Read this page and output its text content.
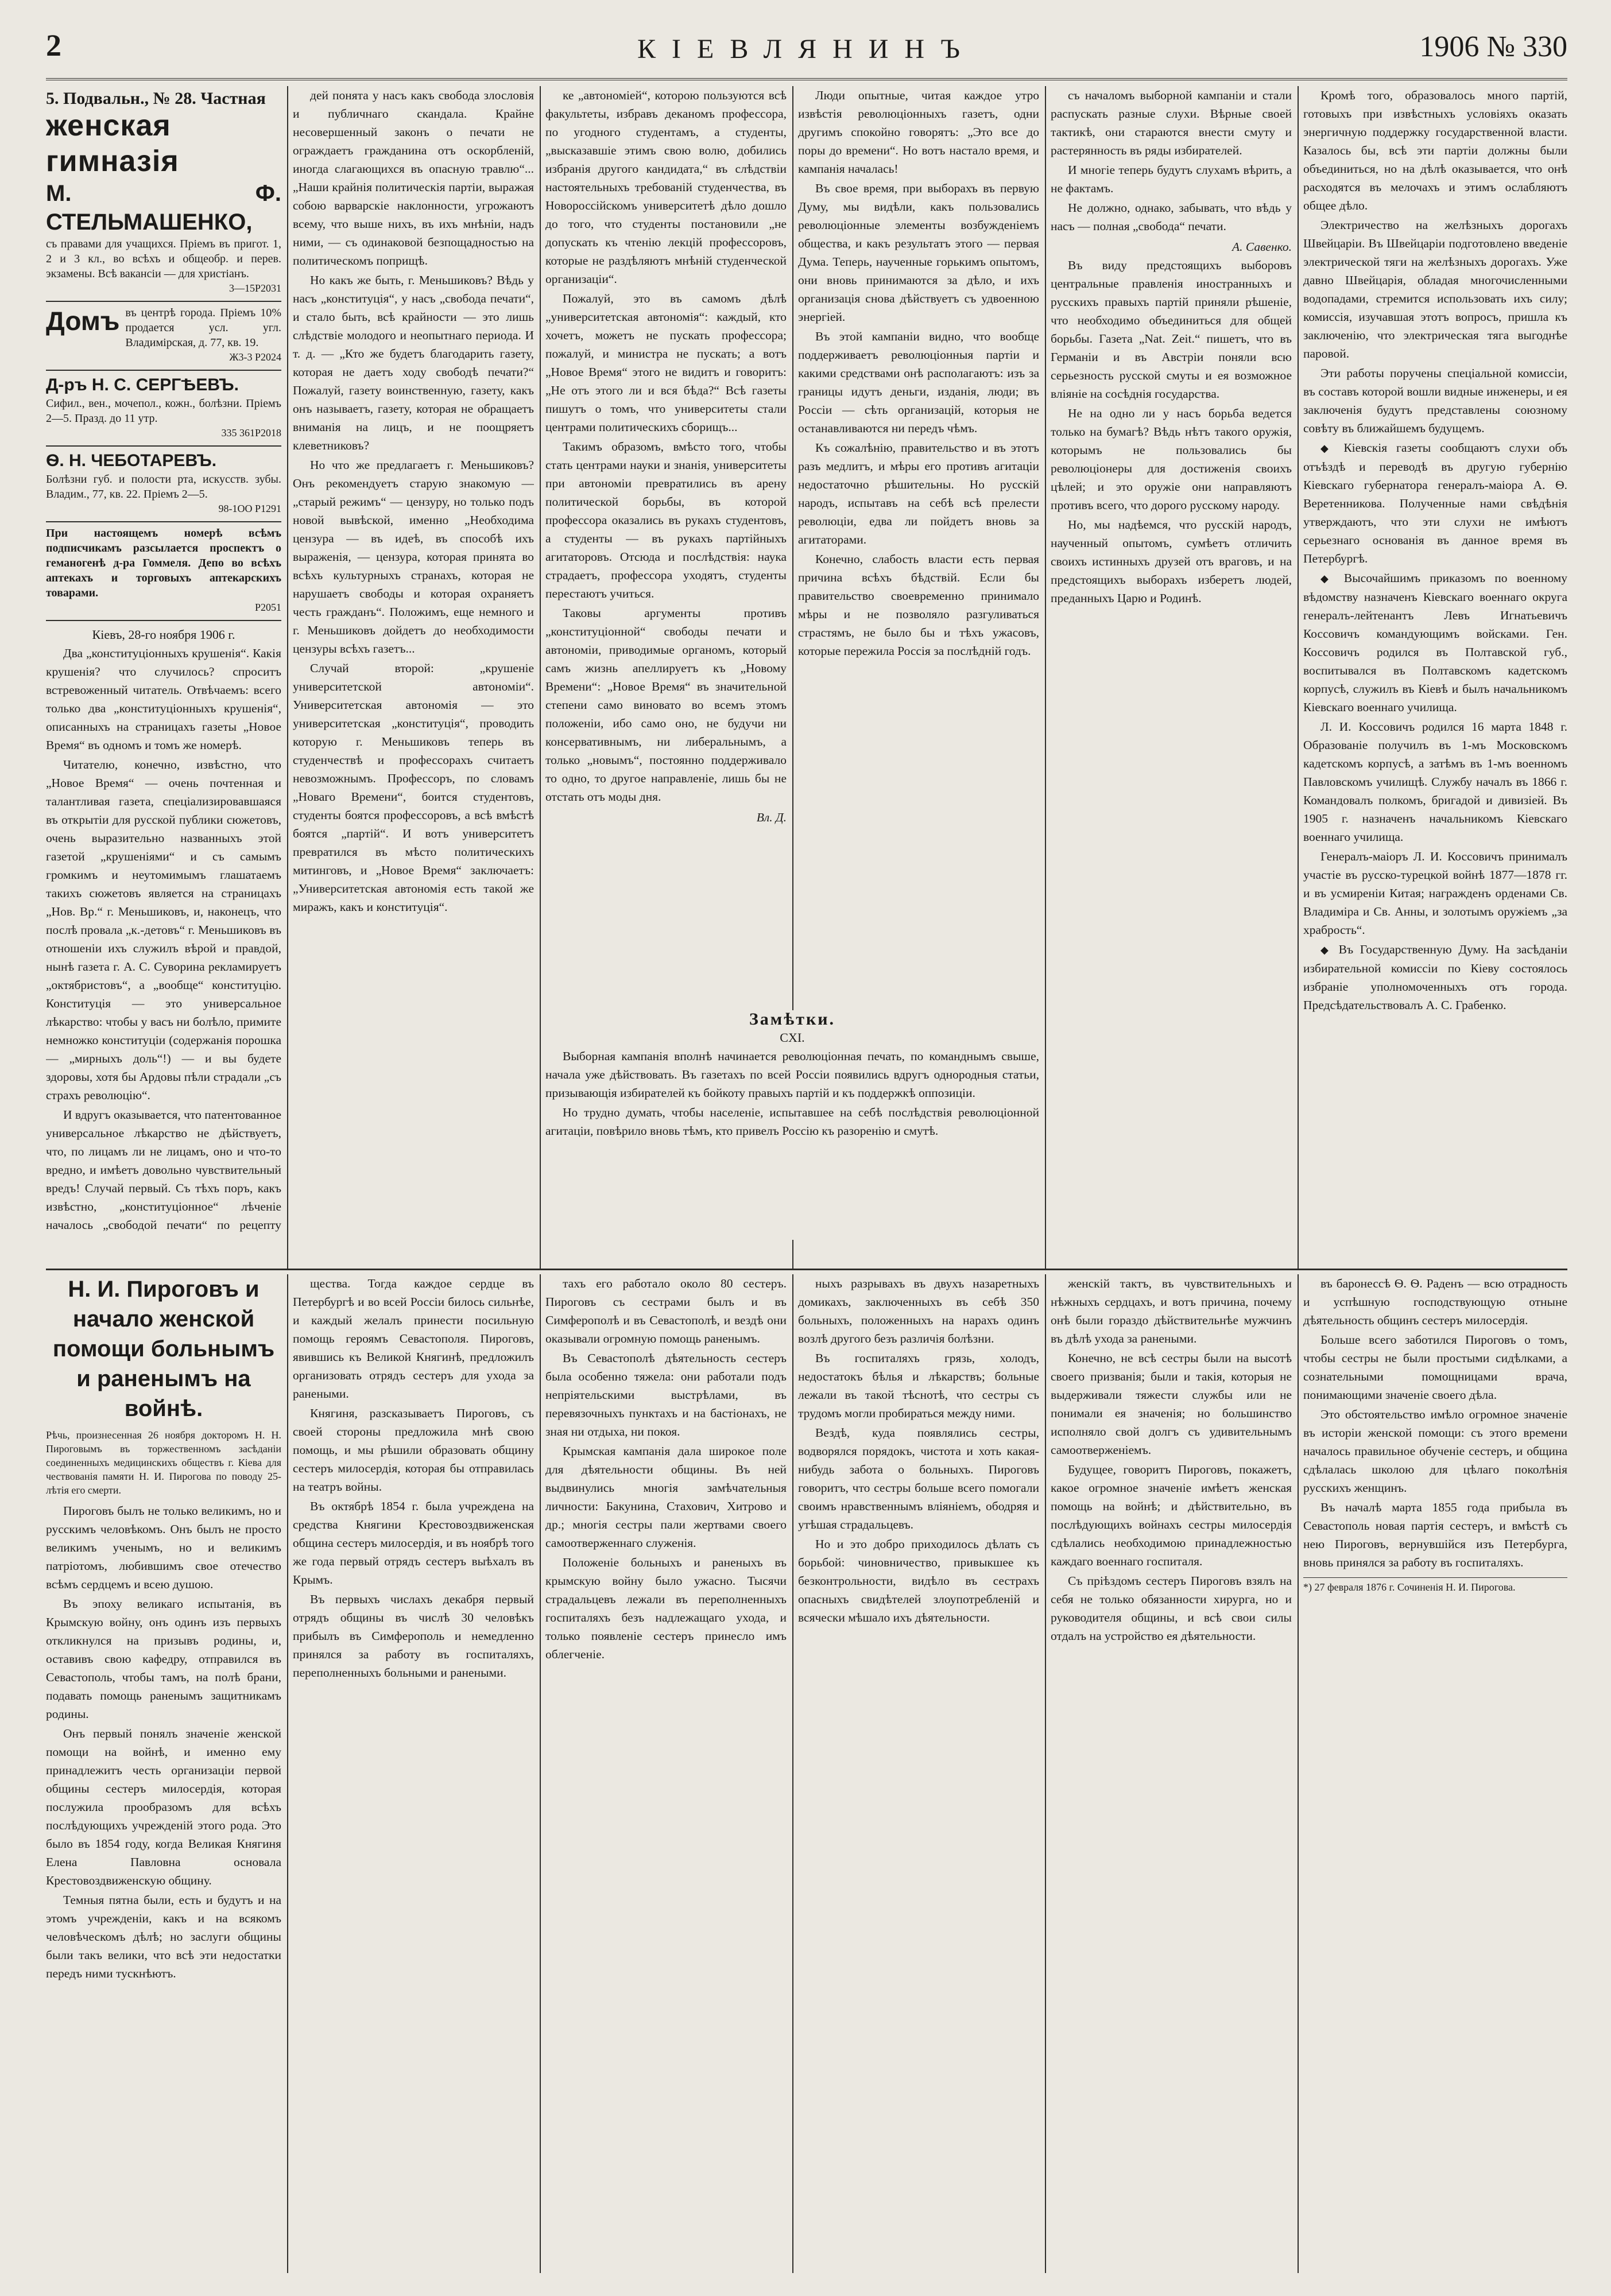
2	КІЕВЛЯНИНЪ	1906 № 330
5. Подвальн., № 28. Частная
женская гимназія
М. Ф. СТЕЛЬМАШЕНКО,
съ правами для учащихся. Пріемъ въ пригот. 1, 2 и 3 кл., во всѣхъ и общеобр. и перев. экзамены. Всѣ вакансіи — для христіанъ.
3—15Р2031
Домъ въ центрѣ города. Пріемъ 10% продается усл. угл. Владимірская, д. 77, кв. 19.
Ж3-3 Р2024
Д-ръ Н. С. СЕРГѢЕВЪ.
Сифил., вен., мочепол., кожн., болѣзни. Пріемъ 2—5. Празд. до 11 утр.
335 361Р2018
Ѳ. Н. ЧЕБОТАРЕВЪ.
Болѣзни губ. и полости рта, искусств. зубы. Владим., 77, кв. 22. Пріемъ 2—5.
98-1ОО Р1291
При настоящемъ номерѣ всѣмъ подписчикамъ разсылается проспектъ о геманогенѣ д-ра Гоммеля. Депо во всѣхъ аптекахъ и торговыхъ аптекарскихъ товарами.
Р2051
Кіевъ, 28-го ноября 1906 г.

Два „конституціонныхъ крушенія“. Какія крушенія? что случилось? спроситъ встревоженный читатель. Отвѣчаемъ: всего только два „конституціонныхъ крушенія“, описанныхъ на страницахъ газеты „Новое Время“ въ одномъ и томъ же номерѣ.

Читателю, конечно, извѣстно, что „Новое Время“ — очень почтенная и талантливая газета, спеціализировавшаяся въ открытіи для русской публики сюжетовъ, очень выразительно названныхъ этой газетой „крушеніями“ и съ самымъ громкимъ и неутомимымъ глашатаемъ такихъ сюжетовъ является на страницахъ „Нов. Вр.“ г. Меньшиковъ, и, наконецъ, что послѣ провала „к.-детовъ“ г. Меньшиковъ въ отношеніи ихъ служилъ вѣрой и правдой, нынѣ газета г. А. С. Суворина рекламируетъ „октябристовъ“, а „вообще“ конституцію. Конституція — это универсальное лѣкарство: чтобы у васъ ни болѣло, примите немножко конституціи (содержанія порошка — „мирныхъ доль“!) — и вы будете здоровы, хотя бы Ардовы пѣли страдали „съ страхъ революцію“.

И вдругъ оказывается, что патентованное универсальное лѣкарство не дѣйствуетъ, что, по лицамъ ли не лицамъ, оно и что-то вредно, и имѣетъ довольно чувствительный вредъ! Случай первый. Съ тѣхъ поръ, какъ извѣстно, „конституціонное“ лѣченіе началось „свободой печати“ по рецепту

дей понята у насъ какъ свобода злословія и публичнаго скандала. Крайне несовершенный законъ о печати не ограждаетъ гражданина отъ оскорбленій, иногда слагающихся въ опасную травлю“... „Наши крайнія политическія партіи, выражая собою варварскіе наклонности, угрожаютъ всему, что выше нихъ, въ ихъ мнѣніи, надъ ними, — съ одинаковой безпощадностью на политическомъ поприщѣ.

Но какъ же быть, г. Меньшиковъ? Вѣдь у насъ „конституція“, у насъ „свобода печати“, и стало быть, всѣ крайности — это лишь слѣдствіе молодого и неопытнаго периода. И т. д. — „Кто же будетъ благодарить газету, которая не даетъ ходу свободѣ печати?“ Пожалуй, газету воинственную, газету, какъ онъ называетъ, газету, которая не обращаетъ вниманія на лицъ, и не поощряетъ клеветниковъ?

Но что же предлагаетъ г. Меньшиковъ? Онъ рекомендуетъ старую знакомую — „старый режимъ“ — цензуру, но только подъ новой вывѣской, именно „Необходима цензура — въ идеѣ, въ способѣ ихъ выраженія, — цензура, которая принята во всѣхъ культурныхъ странахъ, которая не нарушаетъ свободы и которая охраняетъ честь гражданъ“. Положимъ, еще немного и г. Меньшиковъ дойдетъ до необходимости цензуры всѣхъ газетъ...

Случай второй: „крушеніе университетской автономіи“. Университетская автономія — это университетская „конституція“, проводить которую г. Меньшиковъ теперь въ студенчествѣ и профессорахъ считаетъ невозможнымъ. Профессоръ, по словамъ „Новаго Времени“, боится студентовъ, студенты боятся профессоровъ, а всѣ вмѣстѣ боятся „партій“. И вотъ университетъ превратился въ мѣсто политическихъ митинговъ, и „Новое Время“ заключаетъ: „Университетская автономія есть такой же миражъ, какъ и конституція“.

ке „автономіей“, которою пользуются всѣ факультеты, избравъ деканомъ профессора, по угодного студентамъ, а студенты, „высказавшіе этимъ свою волю, добились избранія другого кандидата,“ въ слѣдствіи настоятельныхъ требованій студенчества, въ Новороссійскомъ университетѣ дѣло дошло до того, что студенты постановили „не допускать къ чтенію лекцій профессоровъ, которые не раздѣляютъ мнѣній студенческой организаціи“.

Пожалуй, это въ самомъ дѣлѣ „университетская автономія“: каждый, кто хочетъ, можетъ не пускать профессора; пожалуй, и министра не пускать; а вотъ „Новое Время“ этого не видитъ и говоритъ: „Не отъ этого ли и вся бѣда?“ Всѣ газеты пишутъ о томъ, что университеты стали центрами политическихъ сборищъ...

Такимъ образомъ, вмѣсто того, чтобы стать центрами науки и знанія, университеты при автономіи превратились въ арену политической борьбы, въ которой профессора оказались въ рукахъ студентовъ, а студенты — въ рукахъ партійныхъ агитаторовъ. Отсюда и послѣдствія: наука страдаетъ, профессора уходятъ, студенты перестаютъ учиться.

Таковы аргументы противъ „конституціонной“ свободы печати и автономіи, приводимые органомъ, который самъ жизнь апеллируетъ къ „Новому Времени“: „Новое Время“ въ значительной степени само виновато во всемъ этомъ положеніи, ибо само оно, не будучи ни консервативнымъ, ни либеральнымъ, а только „новымъ“, постоянно поддерживало то одно, то другое направленіе, лишь бы не отстать отъ моды дня.

Вл. Д.

Люди опытные, читая каждое утро извѣстія революціонныхъ газетъ, одни другимъ спокойно говорятъ: „Это все до поры до времени“. Но вотъ настало время, и кампанія началась!

Въ свое время, при выборахъ въ первую Думу, мы видѣли, какъ пользовались революціонные элементы возбужденіемъ общества, и какъ результатъ этого — первая Дума. Теперь, наученные горькимъ опытомъ, они вновь принимаются за дѣло, и ихъ организація снова дѣйствуетъ съ удвоенною энергіей.

Въ этой кампаніи видно, что вообще поддерживаетъ революціонныя партіи и какими средствами онѣ располагаютъ: изъ за границы идутъ деньги, изданія, люди; въ Россіи — сѣть организацій, которыя не останавливаются ни передъ чѣмъ.

Къ сожалѣнію, правительство и въ этотъ разъ медлитъ, и мѣры его противъ агитаціи недостаточно рѣшительны. Но русскій народъ, испытавъ на себѣ всѣ прелести революціи, едва ли пойдетъ вновь за агитаторами.

Конечно, слабость власти есть первая причина всѣхъ бѣдствій. Если бы правительство своевременно принимало мѣры и не позволяло разгуливаться страстямъ, не было бы и тѣхъ ужасовъ, которые пережила Россія за послѣдній годъ.

съ началомъ выборной кампаніи и стали распускать разные слухи. Вѣрные своей тактикѣ, они стараются внести смуту и растерянность въ ряды избирателей.

И многіе теперь будутъ слухамъ вѣрить, а не фактамъ.

Не должно, однако, забывать, что вѣдь у насъ — полная „свобода“ печати.

А. Савенко.

Въ виду предстоящихъ выборовъ центральные правленія иностранныхъ и русскихъ правыхъ партій приняли рѣшеніе, что необходимо объединиться для общей борьбы. Газета „Nat. Zeit.“ пишетъ, что въ Германіи и въ Австріи поняли всю серьезность русской смуты и ея возможное вліяніе на сосѣднія государства.

Не на одно ли у насъ борьба ведется только на бумагѣ? Вѣдь нѣтъ такого оружія, которымъ не пользовались бы революціонеры для достиженія своихъ цѣлей; и это оружіе они направляютъ противъ всего, что дорого русскому народу.

Но, мы надѣемся, что русскій народъ, наученный опытомъ, сумѣетъ отличить своихъ истинныхъ друзей отъ враговъ, и на предстоящихъ выборахъ изберетъ людей, преданныхъ Царю и Родинѣ.

Кромѣ того, образовалось много партій, готовыхъ при извѣстныхъ условіяхъ оказать энергичную поддержку государственной власти. Казалось бы, всѣ эти партіи должны были объединиться, но на дѣлѣ оказывается, что онѣ расходятся въ мелочахъ и этимъ ослабляютъ общее дѣло.

Электричество на желѣзныхъ дорогахъ Швейцаріи. Въ Швейцаріи подготовлено введеніе электрической тяги на желѣзныхъ дорогахъ. Уже давно Швейцарія, обладая многочисленными водопадами, стремится использовать ихъ силу; комиссія, изучавшая этотъ вопросъ, пришла къ заключенію, что электрическая тяга выгоднѣе паровой.

Эти работы поручены спеціальной комиссіи, въ составъ которой вошли видные инженеры, и ея заключенія будутъ представлены союзному совѣту въ ближайшемъ будущемъ.

◆ Кіевскія газеты сообщаютъ слухи объ отъѣздѣ и переводѣ въ другую губернію Кіевскаго губернатора генералъ-маіора А. Ѳ. Веретенникова. Полученные нами свѣдѣнія утверждаютъ, что эти слухи не имѣютъ серьезнаго основанія въ данное время въ Петербургѣ.

◆ Высочайшимъ приказомъ по военному вѣдомству назначенъ Кіевскаго военнаго округа генералъ-лейтенантъ Левъ Игнатьевичъ Коссовичъ командующимъ войсками. Ген. Коссовичъ родился въ Полтавской губ., воспитывался въ Полтавскомъ кадетскомъ корпусѣ, служилъ въ Кіевѣ и былъ начальникомъ Кіевскаго военнаго училища.

Л. И. Коссовичъ родился 16 марта 1848 г. Образованіе получилъ въ 1-мъ Московскомъ кадетскомъ корпусѣ, а затѣмъ въ 1-мъ военномъ Павловскомъ училищѣ. Службу началъ въ 1866 г. Командовалъ полкомъ, бригадой и дивизіей. Въ 1905 г. назначенъ начальникомъ Кіевскаго военнаго училища.

Генералъ-маіоръ Л. И. Коссовичъ принималъ участіе въ русско-турецкой войнѣ 1877—1878 гг. и въ усмиреніи Китая; награжденъ орденами Св. Владиміра и Св. Анны, и золотымъ оружіемъ „за храбрость“.

◆ Въ Государственную Думу. На засѣданіи избирательной комиссіи по Кіеву состоялось избраніе уполномоченныхъ отъ города. Предсѣдательствовалъ А. С. Грабенко.

Замѣтки.
CXI.

Выборная кампанія вполнѣ начинается революціонная печать, по команднымъ свыше, начала уже дѣйствовать. Въ газетахъ по всей Россіи появились вдругъ однородныя статьи, призывающія избирателей къ бойкоту правыхъ партій и къ поддержкѣ оппозиціи.

Но трудно думать, чтобы населеніе, испытавшее на себѣ послѣдствія революціонной агитаціи, повѣрило вновь тѣмъ, кто привелъ Россію къ разоренію и смутѣ.

Н. И. Пироговъ и начало женской помощи больнымъ и раненымъ на войнѣ.
Рѣчь, произнесенная 26 ноября докторомъ Н. Н. Пироговымъ въ торжественномъ засѣданіи соединенныхъ медицинскихъ обществъ г. Кіева для чествованія памяти Н. И. Пирогова по поводу 25-лѣтія его смерти.

Пироговъ былъ не только великимъ, но и русскимъ человѣкомъ. Онъ былъ не просто великимъ ученымъ, но и великимъ патріотомъ, любившимъ свое отечество всѣмъ сердцемъ и всею душою.

Въ эпоху великаго испытанія, въ Крымскую войну, онъ одинъ изъ первыхъ откликнулся на призывъ родины, и, оставивъ свою кафедру, отправился въ Севастополь, чтобы тамъ, на полѣ брани, подавать помощь раненымъ защитникамъ родины.

Онъ первый понялъ значеніе женской помощи на войнѣ, и именно ему принадлежитъ честь организаціи первой общины сестеръ милосердія, которая послужила прообразомъ для всѣхъ послѣдующихъ учрежденій этого рода. Это было въ 1854 году, когда Великая Княгиня Елена Павловна основала Крестовоздвиженскую общину.

Темныя пятна были, есть и будутъ и на этомъ учрежденіи, какъ и на всякомъ человѣческомъ дѣлѣ; но заслуги общины были такъ велики, что всѣ эти недостатки передъ ними тускнѣютъ.

щества. Тогда каждое сердце въ Петербургѣ и во всей Россіи билось сильнѣе, и каждый желалъ принести посильную помощь героямъ Севастополя. Пироговъ, явившись къ Великой Княгинѣ, предложилъ организовать отрядъ сестеръ для ухода за ранеными.

Княгиня, разсказываетъ Пироговъ, съ своей стороны предложила мнѣ свою помощь, и мы рѣшили образовать общину сестеръ милосердія, которая бы отправилась на театръ войны.

Въ октябрѣ 1854 г. была учреждена на средства Княгини Крестовоздвиженская община сестеръ милосердія, и въ ноябрѣ того же года первый отрядъ сестеръ выѣхалъ въ Крымъ.

Въ первыхъ числахъ декабря первый отрядъ общины въ числѣ 30 человѣкъ прибылъ въ Симферополь и немедленно принялся за работу въ госпиталяхъ, переполненныхъ больными и ранеными.

тахъ его работало около 80 сестеръ. Пироговъ съ сестрами былъ и въ Симферополѣ и въ Севастополѣ, и вездѣ они оказывали огромную помощь раненымъ.

Въ Севастополѣ дѣятельность сестеръ была особенно тяжела: они работали подъ непріятельскими выстрѣлами, въ перевязочныхъ пунктахъ и на бастіонахъ, не зная ни отдыха, ни покоя.

Крымская кампанія дала широкое поле для дѣятельности общины. Въ ней выдвинулись многія замѣчательныя личности: Бакунина, Стахович, Хитрово и др.; многія сестры пали жертвами своего самоотверженнаго служенія.

Положеніе больныхъ и раненыхъ въ крымскую войну было ужасно. Тысячи страдальцевъ лежали въ переполненныхъ госпиталяхъ безъ надлежащаго ухода, и только появленіе сестеръ принесло имъ облегченіе.

ныхъ разрывахъ въ двухъ назаретныхъ домикахъ, заключенныхъ въ себѣ 350 больныхъ, положенныхъ на нарахъ одинъ возлѣ другого безъ различія болѣзни.

Въ госпиталяхъ грязь, холодъ, недостатокъ бѣлья и лѣкарствъ; больные лежали въ такой тѣснотѣ, что сестры съ трудомъ могли пробираться между ними.

Вездѣ, куда появлялись сестры, водворялся порядокъ, чистота и хоть какая-нибудь забота о больныхъ. Пироговъ говоритъ, что сестры больше всего помогали своимъ нравственнымъ вліяніемъ, ободряя и утѣшая страдальцевъ.

Но и это добро приходилось дѣлать съ борьбой: чиновничество, привыкшее къ безконтрольности, видѣло въ сестрахъ опасныхъ свидѣтелей злоупотребленій и всячески мѣшало ихъ дѣятельности.

женскій тактъ, въ чувствительныхъ и нѣжныхъ сердцахъ, и вотъ причина, почему онѣ были гораздо дѣйствительнѣе мужчинъ въ дѣлѣ ухода за ранеными.

Конечно, не всѣ сестры были на высотѣ своего призванія; были и такія, которыя не выдерживали тяжести службы или не понимали ея значенія; но большинство исполняло свой долгъ съ удивительнымъ самоотверженіемъ.

Будущее, говоритъ Пироговъ, покажетъ, какое огромное значеніе имѣетъ женская помощь на войнѣ; и дѣйствительно, въ послѣдующихъ войнахъ сестры милосердія сдѣлались необходимою принадлежностью каждаго военнаго госпиталя.

Съ пріѣздомъ сестеръ Пироговъ взялъ на себя не только обязанности хирурга, но и руководителя общины, и всѣ свои силы отдалъ на устройство ея дѣятельности.

въ баронессѣ Ѳ. Ѳ. Раденъ — всю отрадность и успѣшную господствующую отныне дѣятельность общинъ сестеръ милосердія.

Больше всего заботился Пироговъ о томъ, чтобы сестры не были простыми сидѣлками, а сознательными помощницами врача, понимающими значеніе своего дѣла.

Это обстоятельство имѣло огромное значеніе въ исторіи женской помощи: съ этого времени началось правильное обученіе сестеръ, и община сдѣлалась школою для цѣлаго поколѣнія русскихъ женщинъ.

Въ началѣ марта 1855 года прибыла въ Севастополь новая партія сестеръ, и вмѣстѣ съ нею Пироговъ, вернувшійся изъ Петербурга, вновь принялся за работу въ госпиталяхъ.

*) 27 февраля 1876 г. Сочиненія Н. И. Пирогова.
